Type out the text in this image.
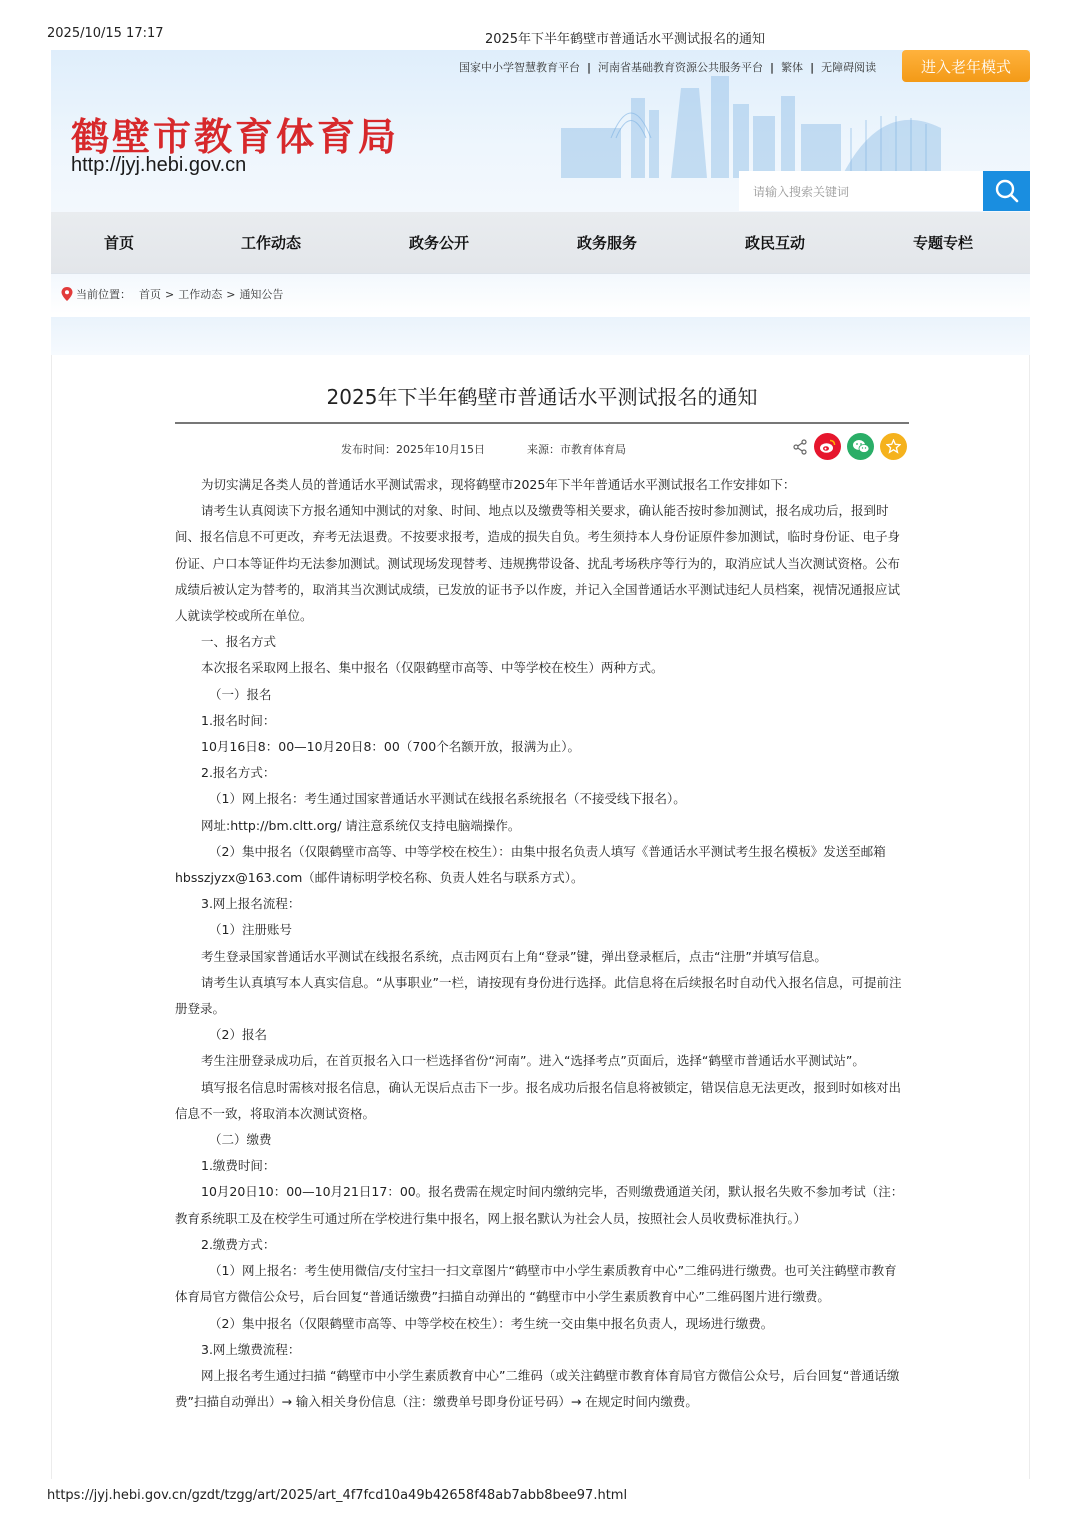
2025/10/15 17:17	2025年下半年鹤壁市普通话水平测试报名的通知
国家中小学智慧教育平台 | 河南省基础教育资源公共服务平台 | 繁体 | 无障碍阅读	进入老年模式
鹤壁市教育体育局
http://jyj.hebi.gov.cn
请输入搜索关键词
首页	工作动态	政务公开	政务服务	政民互动	专题专栏
当前位置： 首页 > 工作动态 > 通知公告
2025年下半年鹤壁市普通话水平测试报名的通知
发布时间：2025年10月15日	来源：市教育体育局

为切实满足各类人员的普通话水平测试需求，现将鹤壁市2025年下半年普通话水平测试报名工作安排如下：

请考生认真阅读下方报名通知中测试的对象、时间、地点以及缴费等相关要求，确认能否按时参加测试，报名成功后，报到时间、报名信息不可更改，弃考无法退费。不按要求报考，造成的损失自负。考生须持本人身份证原件参加测试，临时身份证、电子身份证、户口本等证件均无法参加测试。测试现场发现替考、违规携带设备、扰乱考场秩序等行为的，取消应试人当次测试资格。公布成绩后被认定为替考的，取消其当次测试成绩，已发放的证书予以作废，并记入全国普通话水平测试违纪人员档案，视情况通报应试人就读学校或所在单位。

一、报名方式

本次报名采取网上报名、集中报名（仅限鹤壁市高等、中等学校在校生）两种方式。

（一）报名

1.报名时间：

10月16日8：00—10月20日8：00（700个名额开放，报满为止）。

2.报名方式：

（1）网上报名：考生通过国家普通话水平测试在线报名系统报名（不接受线下报名）。

网址:http://bm.cltt.org/ 请注意系统仅支持电脑端操作。

（2）集中报名（仅限鹤壁市高等、中等学校在校生）：由集中报名负责人填写《普通话水平测试考生报名模板》发送至邮箱hbsszjyzx@163.com（邮件请标明学校名称、负责人姓名与联系方式）。

3.网上报名流程：

（1）注册账号

考生登录国家普通话水平测试在线报名系统，点击网页右上角“登录”键，弹出登录框后，点击“注册”并填写信息。

请考生认真填写本人真实信息。“从事职业”一栏，请按现有身份进行选择。此信息将在后续报名时自动代入报名信息，可提前注册登录。

（2）报名

考生注册登录成功后，在首页报名入口一栏选择省份“河南”。进入“选择考点”页面后，选择“鹤壁市普通话水平测试站”。

填写报名信息时需核对报名信息，确认无误后点击下一步。报名成功后报名信息将被锁定，错误信息无法更改，报到时如核对出信息不一致，将取消本次测试资格。

（二）缴费

1.缴费时间：

10月20日10：00—10月21日17：00。报名费需在规定时间内缴纳完毕，否则缴费通道关闭，默认报名失败不参加考试（注：教育系统职工及在校学生可通过所在学校进行集中报名，网上报名默认为社会人员，按照社会人员收费标准执行。）

2.缴费方式：

（1）网上报名：考生使用微信/支付宝扫一扫文章图片“鹤壁市中小学生素质教育中心”二维码进行缴费。也可关注鹤壁市教育体育局官方微信公众号，后台回复“普通话缴费”扫描自动弹出的 “鹤壁市中小学生素质教育中心”二维码图片进行缴费。

（2）集中报名（仅限鹤壁市高等、中等学校在校生）：考生统一交由集中报名负责人，现场进行缴费。

3.网上缴费流程：

网上报名考生通过扫描 “鹤壁市中小学生素质教育中心”二维码（或关注鹤壁市教育体育局官方微信公众号，后台回复“普通话缴费”扫描自动弹出）→ 输入相关身份信息（注：缴费单号即身份证号码）→ 在规定时间内缴费。

https://jyj.hebi.gov.cn/gzdt/tzgg/art/2025/art_4f7fcd10a49b42658f48ab7abb8bee97.html
